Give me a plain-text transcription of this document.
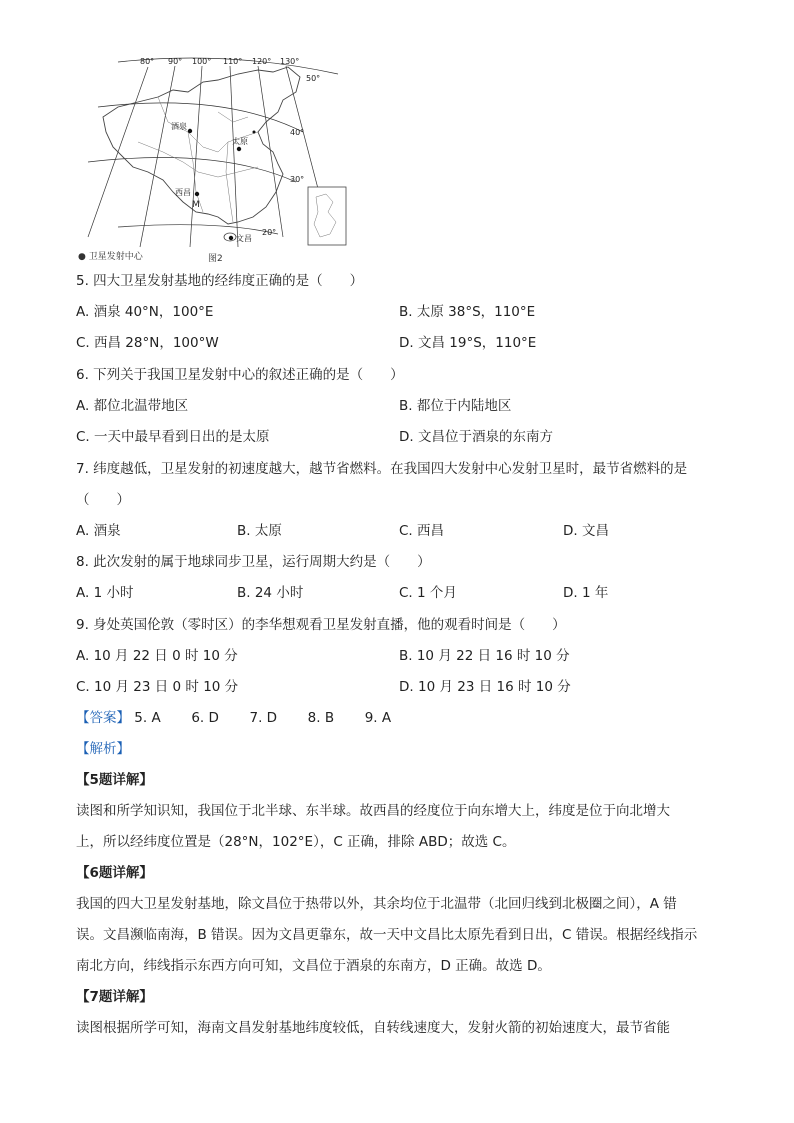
80° 90° 100° 110° 120° 130°
50°
40°
30°
20°
酒泉
太原
西昌
M
文昌
● 卫星发射中心	图2
5. 四大卫星发射基地的经纬度正确的是（　　）
A. 酒泉 40°N，100°E	B. 太原 38°S，110°E
C. 西昌 28°N，100°W	D. 文昌 19°S，110°E
6. 下列关于我国卫星发射中心的叙述正确的是（　　）
A. 都位北温带地区	B. 都位于内陆地区
C. 一天中最早看到日出的是太原	D. 文昌位于酒泉的东南方
7. 纬度越低，卫星发射的初速度越大，越节省燃料。在我国四大发射中心发射卫星时，最节省燃料的是
（　　）
A. 酒泉	B. 太原	C. 西昌	D. 文昌
8. 此次发射的属于地球同步卫星，运行周期大约是（　　）
A. 1 小时	B. 24 小时	C. 1 个月	D. 1 年
9. 身处英国伦敦（零时区）的李华想观看卫星发射直播，他的观看时间是（　　）
A. 10 月 22 日 0 时 10 分	B. 10 月 22 日 16 时 10 分
C. 10 月 23 日 0 时 10 分	D. 10 月 23 日 16 时 10 分
【答案】 5. A 6. D 7. D 8. B 9. A
【解析】
【5题详解】
读图和所学知识知，我国位于北半球、东半球。故西昌的经度位于向东增大上，纬度是位于向北增大
上，所以经纬度位置是（28°N，102°E），C 正确，排除 ABD；故选 C。
【6题详解】
我国的四大卫星发射基地，除文昌位于热带以外，其余均位于北温带（北回归线到北极圈之间），A 错
误。文昌濒临南海，B 错误。因为文昌更靠东，故一天中文昌比太原先看到日出，C 错误。根据经线指示
南北方向，纬线指示东西方向可知，文昌位于酒泉的东南方，D 正确。故选 D。
【7题详解】
读图根据所学可知，海南文昌发射基地纬度较低，自转线速度大，发射火箭的初始速度大，最节省能
